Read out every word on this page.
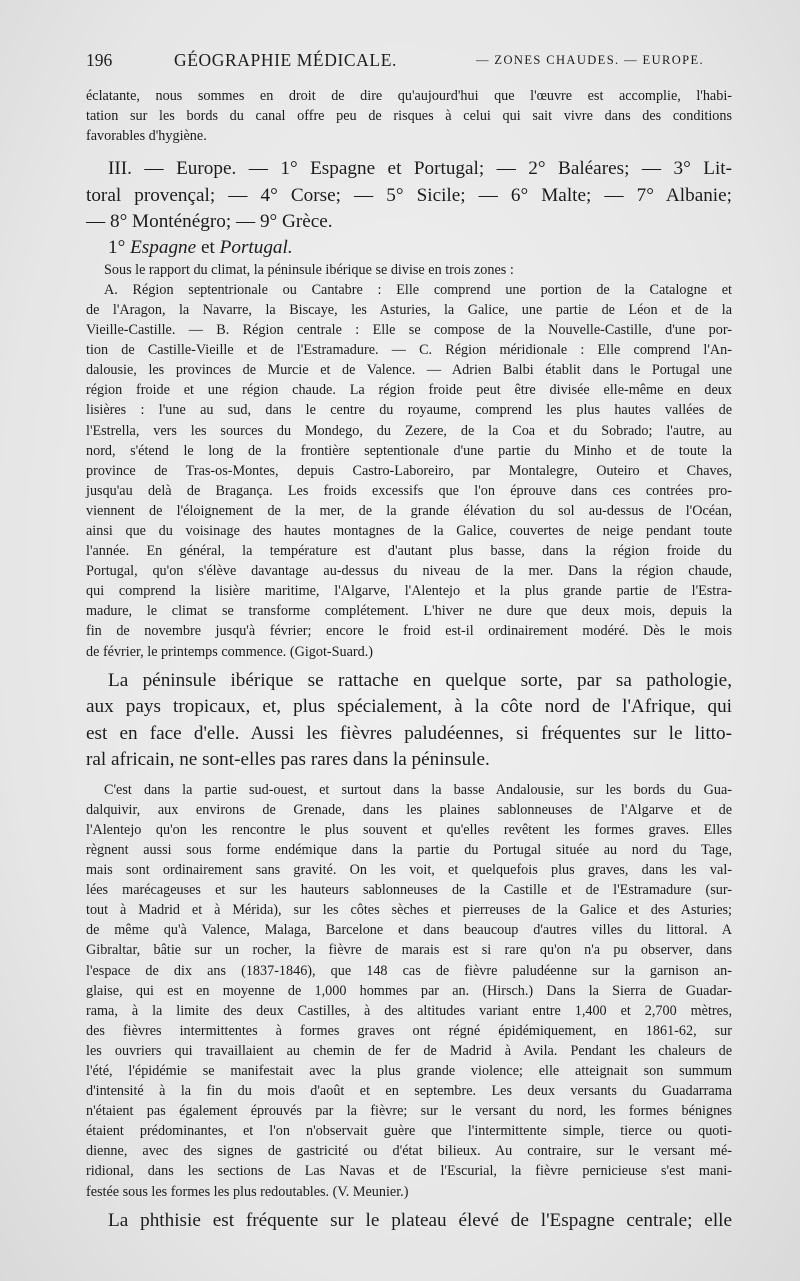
196	GÉOGRAPHIE MÉDICALE.	— ZONES CHAUDES. — EUROPE.
éclatante, nous sommes en droit de dire qu'aujourd'hui que l'œuvre est accomplie, l'habi-
tation sur les bords du canal offre peu de risques à celui qui sait vivre dans des conditions
favorables d'hygiène.
III. — Europe. — 1° Espagne et Portugal; — 2° Baléares; — 3° Lit-
toral provençal; — 4° Corse; — 5° Sicile; — 6° Malte; — 7° Albanie;
— 8° Monténégro; — 9° Grèce.
1° Espagne et Portugal.
Sous le rapport du climat, la péninsule ibérique se divise en trois zones :
A. Région septentrionale ou Cantabre : Elle comprend une portion de la Catalogne et
de l'Aragon, la Navarre, la Biscaye, les Asturies, la Galice, une partie de Léon et de la
Vieille-Castille. — B. Région centrale : Elle se compose de la Nouvelle-Castille, d'une por-
tion de Castille-Vieille et de l'Estramadure. — C. Région méridionale : Elle comprend l'An-
dalousie, les provinces de Murcie et de Valence. — Adrien Balbi établit dans le Portugal une
région froide et une région chaude. La région froide peut être divisée elle-même en deux
lisières : l'une au sud, dans le centre du royaume, comprend les plus hautes vallées de
l'Estrella, vers les sources du Mondego, du Zezere, de la Coa et du Sobrado; l'autre, au
nord, s'étend le long de la frontière septentionale d'une partie du Minho et de toute la
province de Tras-os-Montes, depuis Castro-Laboreiro, par Montalegre, Outeiro et Chaves,
jusqu'au delà de Bragança. Les froids excessifs que l'on éprouve dans ces contrées pro-
viennent de l'éloignement de la mer, de la grande élévation du sol au-dessus de l'Océan,
ainsi que du voisinage des hautes montagnes de la Galice, couvertes de neige pendant toute
l'année. En général, la température est d'autant plus basse, dans la région froide du
Portugal, qu'on s'élève davantage au-dessus du niveau de la mer. Dans la région chaude,
qui comprend la lisière maritime, l'Algarve, l'Alentejo et la plus grande partie de l'Estra-
madure, le climat se transforme complétement. L'hiver ne dure que deux mois, depuis la
fin de novembre jusqu'à février; encore le froid est-il ordinairement modéré. Dès le mois
de février, le printemps commence. (Gigot-Suard.)
La péninsule ibérique se rattache en quelque sorte, par sa pathologie,
aux pays tropicaux, et, plus spécialement, à la côte nord de l'Afrique, qui
est en face d'elle. Aussi les fièvres paludéennes, si fréquentes sur le litto-
ral africain, ne sont-elles pas rares dans la péninsule.
C'est dans la partie sud-ouest, et surtout dans la basse Andalousie, sur les bords du Gua-
dalquivir, aux environs de Grenade, dans les plaines sablonneuses de l'Algarve et de
l'Alentejo qu'on les rencontre le plus souvent et qu'elles revêtent les formes graves. Elles
règnent aussi sous forme endémique dans la partie du Portugal située au nord du Tage,
mais sont ordinairement sans gravité. On les voit, et quelquefois plus graves, dans les val-
lées marécageuses et sur les hauteurs sablonneuses de la Castille et de l'Estramadure (sur-
tout à Madrid et à Mérida), sur les côtes sèches et pierreuses de la Galice et des Asturies;
de même qu'à Valence, Malaga, Barcelone et dans beaucoup d'autres villes du littoral. A
Gibraltar, bâtie sur un rocher, la fièvre de marais est si rare qu'on n'a pu observer, dans
l'espace de dix ans (1837-1846), que 148 cas de fièvre paludéenne sur la garnison an-
glaise, qui est en moyenne de 1,000 hommes par an. (Hirsch.) Dans la Sierra de Guadar-
rama, à la limite des deux Castilles, à des altitudes variant entre 1,400 et 2,700 mètres,
des fièvres intermittentes à formes graves ont régné épidémiquement, en 1861-62, sur
les ouvriers qui travaillaient au chemin de fer de Madrid à Avila. Pendant les chaleurs de
l'été, l'épidémie se manifestait avec la plus grande violence; elle atteignait son summum
d'intensité à la fin du mois d'août et en septembre. Les deux versants du Guadarrama
n'étaient pas également éprouvés par la fièvre; sur le versant du nord, les formes bénignes
étaient prédominantes, et l'on n'observait guère que l'intermittente simple, tierce ou quoti-
dienne, avec des signes de gastricité ou d'état bilieux. Au contraire, sur le versant mé-
ridional, dans les sections de Las Navas et de l'Escurial, la fièvre pernicieuse s'est mani-
festée sous les formes les plus redoutables. (V. Meunier.)
La phthisie est fréquente sur le plateau élevé de l'Espagne centrale; elle
